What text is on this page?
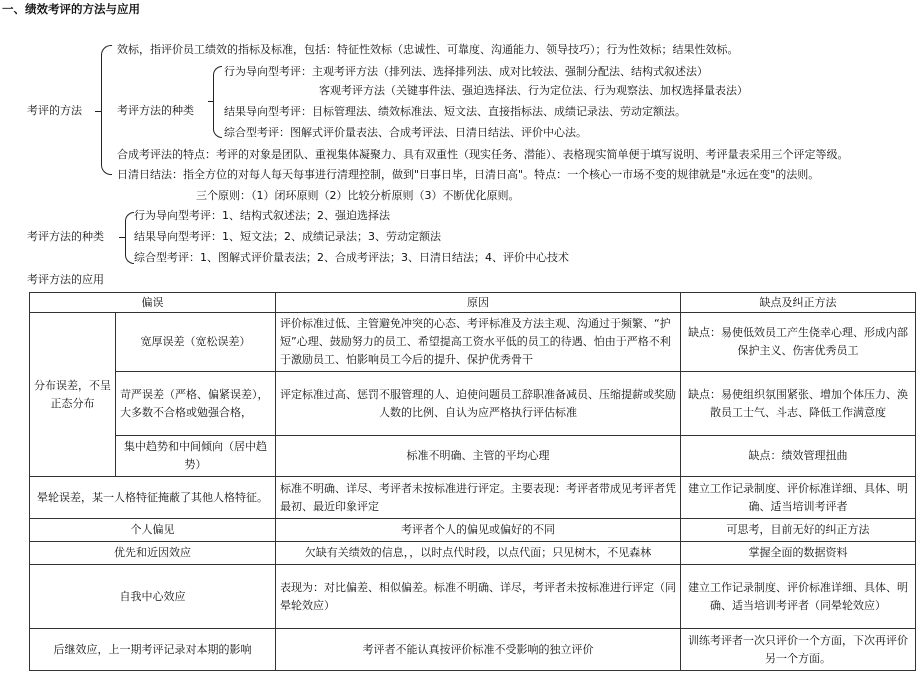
一、绩效考评的方法与应用
考评的方法
效标，指评价员工绩效的指标及标准，包括：特征性效标（忠诚性、可靠度、沟通能力、领导技巧）；行为性效标；结果性效标。
考评方法的种类
行为导向型考评：主观考评方法（排列法、选择排列法、成对比较法、强制分配法、结构式叙述法）
客观考评方法（关键事件法、强迫选择法、行为定位法、行为观察法、加权选择量表法）
结果导向型考评：目标管理法、绩效标准法、短文法、直接指标法、成绩记录法、劳动定额法。
综合型考评：图解式评价量表法、合成考评法、日清日结法、评价中心法。
合成考评法的特点：考评的对象是团队、重视集体凝聚力、具有双重性（现实任务、潜能）、表格现实简单便于填写说明、考评量表采用三个评定等级。
日清日结法：指全方位的对每人每天每事进行清理控制，做到"日事日毕，日清日高"。特点：一个核心一市场不变的规律就是"永远在变"的法则。
三个原则：（1）闭环原则（2）比较分析原则（3）不断优化原则。
考评方法的种类
行为导向型考评：1、结构式叙述法；2、强迫选择法
结果导向型考评：1、短文法；2、成绩记录法；3、劳动定额法
综合型考评：1、图解式评价量表法；2、合成考评法；3、日清日结法；4、评价中心技术
考评方法的应用
偏误		原因	缺点及纠正方法
分布误差，不呈正态分布	宽厚误差（宽松误差）	评价标准过低、主管避免冲突的心态、考评标准及方法主观、沟通过于频繁、“护短”心理、鼓励努力的员工、希望提高工资水平低的员工的待遇、怕由于严格不利于激励员工、怕影响员工今后的提升、保护优秀骨干	缺点：易使低效员工产生侥幸心理、形成内部保护主义、伤害优秀员工
	苛严误差（严格、偏紧误差），大多数不合格或勉强合格，	评定标准过高、惩罚不服管理的人、迫使问题员工辞职准备减员、压缩提薪或奖励人数的比例、自认为应严格执行评估标准	缺点：易使组织氛围紧张、增加个体压力、涣散员工士气、斗志、降低工作满意度
	集中趋势和中间倾向（居中趋势）	标准不明确、主管的平均心理	缺点：绩效管理扭曲
晕轮误差，某一人格特征掩蔽了其他人格特征。		标准不明确、详尽、考评者未按标准进行评定。主要表现：考评者带成见考评者凭最初、最近印象评定	建立工作记录制度、评价标准详细、具体、明确、适当培训考评者
个人偏见		考评者个人的偏见或偏好的不同	可思考，目前无好的纠正方法
优先和近因效应		欠缺有关绩效的信息，，以时点代时段，以点代面；只见树木，不见森林	掌握全面的数据资料
自我中心效应		表现为：对比偏差、相似偏差。标准不明确、详尽，考评者未按标准进行评定（同晕轮效应）	建立工作记录制度、评价标准详细、具体、明确、适当培训考评者（同晕轮效应）
后继效应，上一期考评记录对本期的影响		考评者不能认真按评价标准不受影响的独立评价	训练考评者一次只评价一个方面，下次再评价另一个方面。
